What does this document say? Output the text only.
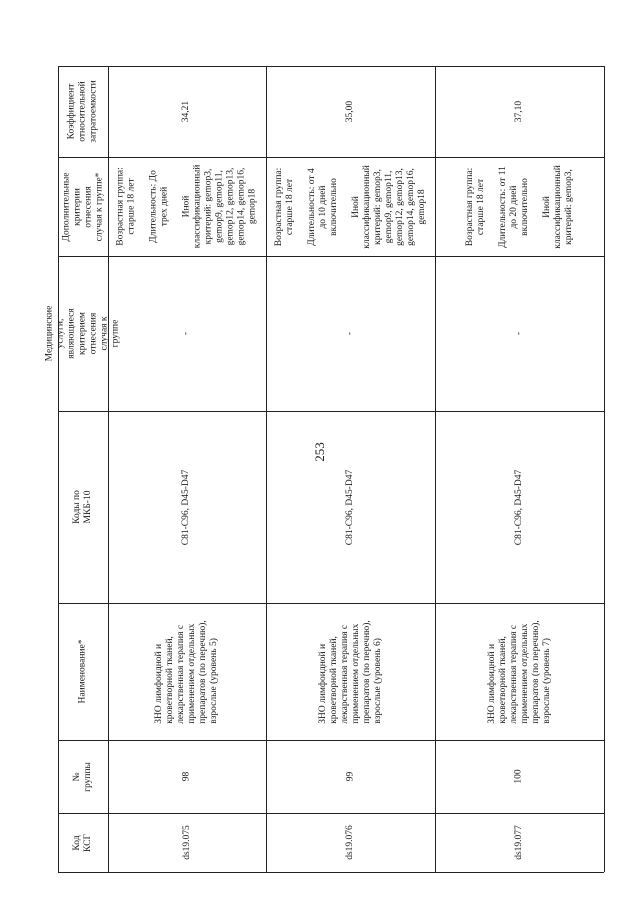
253
Коэффициент
относительной
затратоемкости
Дополнительные
критерии отнесения
случая к группе*
Медицинские услуги,
являющиеся критерием
отнесения случая к группе
Коды по МКБ-10
Наименование*
№
группы
Код
КСГ
34,21
Возрастная группа:
старше 18 лет

Длительность: До
трех дней

Иной
классификационный
критерий: gemop3,
gemop9, gemop11,
gemop12, gemop13,
gemop14, gemop16,
gemop18
-
C81-C96, D45-D47
ЗНО лимфоидной и
кроветворной тканей,
лекарственная терапия с
применением отдельных
препаратов (по перечню),
взрослые (уровень 5)
98
ds19.075
35,00
Возрастная группа:
старше 18 лет

Длительность: от 4
до 10 дней
включительно

Иной
классификационный
критерий: gemop3,
gemop9, gemop11,
gemop12, gemop13,
gemop14, gemop16,
gemop18
-
C81-C96, D45-D47
ЗНО лимфоидной и
кроветворной тканей,
лекарственная терапия с
применением отдельных
препаратов (по перечню),
взрослые (уровень 6)
99
ds19.076
37,10
Возрастная группа:
старше 18 лет

Длительность: от 11
до 20 дней
включительно

Иной
классификационный
критерий: gemop3,
-
C81-C96, D45-D47
ЗНО лимфоидной и
кроветворной тканей,
лекарственная терапия с
применением отдельных
препаратов (по перечню),
взрослые (уровень 7)
100
ds19.077
